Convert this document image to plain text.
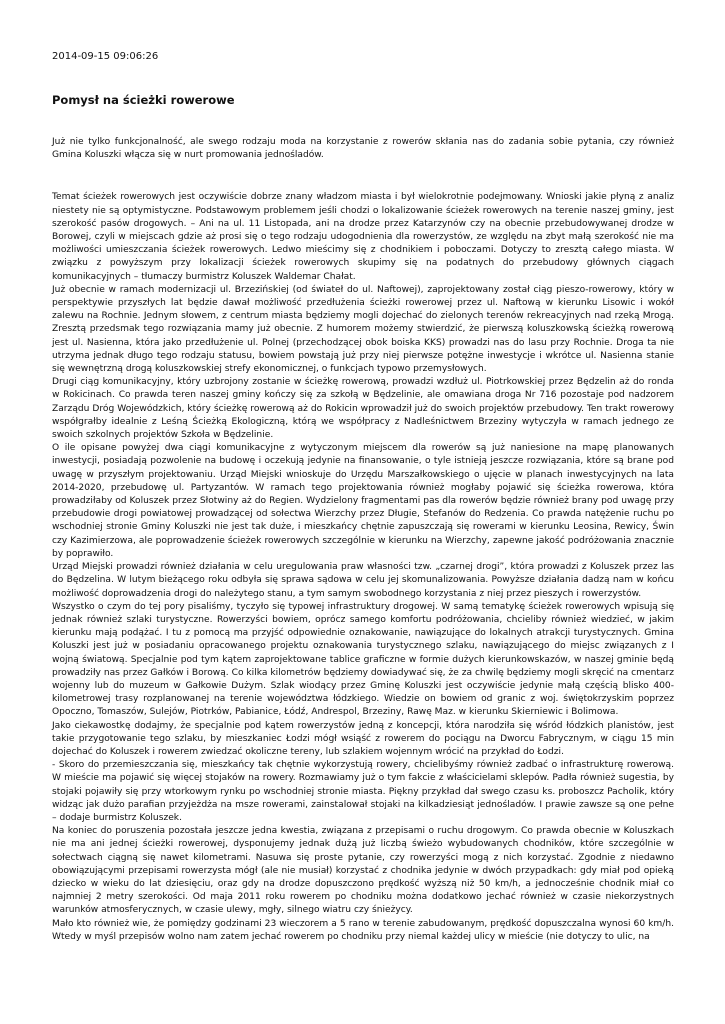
2014-09-15 09:06:26

Pomysł na ścieżki rowerowe

Już nie tylko funkcjonalność, ale swego rodzaju moda na korzystanie z rowerów skłania nas do zadania sobie pytania, czy również Gmina Koluszki włącza się w nurt promowania jednośladów.

Temat ścieżek rowerowych jest oczywiście dobrze znany władzom miasta i był wielokrotnie podejmowany. Wnioski jakie płyną z analiz niestety nie są optymistyczne. Podstawowym problemem jeśli chodzi o lokalizowanie ścieżek rowerowych na terenie naszej gminy, jest szerokość pasów drogowych. – Ani na ul. 11 Listopada, ani na drodze przez Katarzynów czy na obecnie przebudowywanej drodze w Borowej, czyli w miejscach gdzie aż prosi się o tego rodzaju udogodnienia dla rowerzystów, ze względu na zbyt małą szerokość nie ma możliwości umieszczania ścieżek rowerowych. Ledwo mieścimy się z chodnikiem i poboczami. Dotyczy to zresztą całego miasta. W związku z powyższym przy lokalizacji ścieżek rowerowych skupimy się na podatnych do przebudowy głównych ciągach komunikacyjnych – tłumaczy burmistrz Koluszek Waldemar Chałat.

Już obecnie w ramach modernizacji ul. Brzezińskiej (od świateł do ul. Naftowej), zaprojektowany został ciąg pieszo-rowerowy, który w perspektywie przyszłych lat będzie dawał możliwość przedłużenia ścieżki rowerowej przez ul. Naftową w kierunku Lisowic i wokół zalewu na Rochnie. Jednym słowem, z centrum miasta będziemy mogli dojechać do zielonych terenów rekreacyjnych nad rzeką Mrogą. Zresztą przedsmak tego rozwiązania mamy już obecnie. Z humorem możemy stwierdzić, że pierwszą koluszkowską ścieżką rowerową jest ul. Nasienna, która jako przedłużenie ul. Polnej (przechodzącej obok boiska KKS) prowadzi nas do lasu przy Rochnie. Droga ta nie utrzyma jednak długo tego rodzaju statusu, bowiem powstają już przy niej pierwsze potężne inwestycje i wkrótce ul. Nasienna stanie się wewnętrzną drogą koluszkowskiej strefy ekonomicznej, o funkcjach typowo przemysłowych.

Drugi ciąg komunikacyjny, który uzbrojony zostanie w ścieżkę rowerową, prowadzi wzdłuż ul. Piotrkowskiej przez Będzelin aż do ronda w Rokicinach. Co prawda teren naszej gminy kończy się za szkołą w Będzelinie, ale omawiana droga Nr 716 pozostaje pod nadzorem Zarządu Dróg Wojewódzkich, który ścieżkę rowerową aż do Rokicin wprowadził już do swoich projektów przebudowy. Ten trakt rowerowy współgrałby idealnie z Leśną Ścieżką Ekologiczną, którą we współpracy z Nadleśnictwem Brzeziny wytyczyła w ramach jednego ze swoich szkolnych projektów Szkoła w Będzelinie.

O ile opisane powyżej dwa ciągi komunikacyjne z wytyczonym miejscem dla rowerów są już naniesione na mapę planowanych inwestycji, posiadają pozwolenie na budowę i oczekują jedynie na finansowanie, o tyle istnieją jeszcze rozwiązania, które są brane pod uwagę w przyszłym projektowaniu. Urząd Miejski wnioskuje do Urzędu Marszałkowskiego o ujęcie w planach inwestycyjnych na lata 2014-2020, przebudowę ul. Partyzantów. W ramach tego projektowania również mogłaby pojawić się ścieżka rowerowa, która prowadziłaby od Koluszek przez Słotwiny aż do Regien. Wydzielony fragmentami pas dla rowerów będzie również brany pod uwagę przy przebudowie drogi powiatowej prowadzącej od sołectwa Wierzchy przez Długie, Stefanów do Redzenia. Co prawda natężenie ruchu po wschodniej stronie Gminy Koluszki nie jest tak duże, i mieszkańcy chętnie zapuszczają się rowerami w kierunku Leosina, Rewicy, Świn czy Kazimierzowa, ale poprowadzenie ścieżek rowerowych szczególnie w kierunku na Wierzchy, zapewne jakość podróżowania znacznie by poprawiło.

Urząd Miejski prowadzi również działania w celu uregulowania praw własności tzw. „czarnej drogi”, która prowadzi z Koluszek przez las do Będzelina. W lutym bieżącego roku odbyła się sprawa sądowa w celu jej skomunalizowania. Powyższe działania dadzą nam w końcu możliwość doprowadzenia drogi do należytego stanu, a tym samym swobodnego korzystania z niej przez pieszych i rowerzystów.

Wszystko o czym do tej pory pisaliśmy, tyczyło się typowej infrastruktury drogowej. W samą tematykę ścieżek rowerowych wpisują się jednak również szlaki turystyczne. Rowerzyści bowiem, oprócz samego komfortu podróżowania, chcieliby również wiedzieć, w jakim kierunku mają podążać. I tu z pomocą ma przyjść odpowiednie oznakowanie, nawiązujące do lokalnych atrakcji turystycznych. Gmina Koluszki jest już w posiadaniu opracowanego projektu oznakowania turystycznego szlaku, nawiązującego do miejsc związanych z I wojną światową. Specjalnie pod tym kątem zaprojektowane tablice graficzne w formie dużych kierunkowskazów, w naszej gminie będą prowadziły nas przez Gałków i Borową. Co kilka kilometrów będziemy dowiadywać się, że za chwilę będziemy mogli skręcić na cmentarz wojenny lub do muzeum w Gałkowie Dużym. Szlak wiodący przez Gminę Koluszki jest oczywiście jedynie małą częścią blisko 400-kilometrowej trasy rozplanowanej na terenie województwa łódzkiego. Wiedzie on bowiem od granic z woj. świętokrzyskim poprzez Opoczno, Tomaszów, Sulejów, Piotrków, Pabianice, Łódź, Andrespol, Brzeziny, Rawę Maz. w kierunku Skierniewic i Bolimowa.

Jako ciekawostkę dodajmy, że specjalnie pod kątem rowerzystów jedną z koncepcji, która narodziła się wśród łódzkich planistów, jest takie przygotowanie tego szlaku, by mieszkaniec Łodzi mógł wsiąść z rowerem do pociągu na Dworcu Fabrycznym, w ciągu 15 min dojechać do Koluszek i rowerem zwiedzać okoliczne tereny, lub szlakiem wojennym wrócić na przykład do Łodzi.

- Skoro do przemieszczania się, mieszkańcy tak chętnie wykorzystują rowery, chcielibyśmy również zadbać o infrastrukturę rowerową. W mieście ma pojawić się więcej stojaków na rowery. Rozmawiamy już o tym fakcie z właścicielami sklepów. Padła również sugestia, by stojaki pojawiły się przy wtorkowym rynku po wschodniej stronie miasta. Piękny przykład dał swego czasu ks. proboszcz Pacholik, który widząc jak dużo parafian przyjeżdża na msze rowerami, zainstalował stojaki na kilkadziesiąt jednośladów. I prawie zawsze są one pełne – dodaje burmistrz Koluszek.

Na koniec do poruszenia pozostała jeszcze jedna kwestia, związana z przepisami o ruchu drogowym. Co prawda obecnie w Koluszkach nie ma ani jednej ścieżki rowerowej, dysponujemy jednak dużą już liczbą świeżo wybudowanych chodników, które szczególnie w sołectwach ciągną się nawet kilometrami. Nasuwa się proste pytanie, czy rowerzyści mogą z nich korzystać. Zgodnie z niedawno obowiązującymi przepisami rowerzysta mógł (ale nie musiał) korzystać z chodnika jedynie w dwóch przypadkach: gdy miał pod opieką dziecko w wieku do lat dziesięciu, oraz gdy na drodze dopuszczono prędkość wyższą niż 50 km/h, a jednocześnie chodnik miał co najmniej 2 metry szerokości. Od maja 2011 roku rowerem po chodniku można dodatkowo jechać również w czasie niekorzystnych warunków atmosferycznych, w czasie ulewy, mgły, silnego wiatru czy śnieżycy.

Mało kto również wie, że pomiędzy godzinami 23 wieczorem a 5 rano w terenie zabudowanym, prędkość dopuszczalna wynosi 60 km/h. Wtedy w myśl przepisów wolno nam zatem jechać rowerem po chodniku przy niemal każdej ulicy w mieście (nie dotyczy to ulic, na
